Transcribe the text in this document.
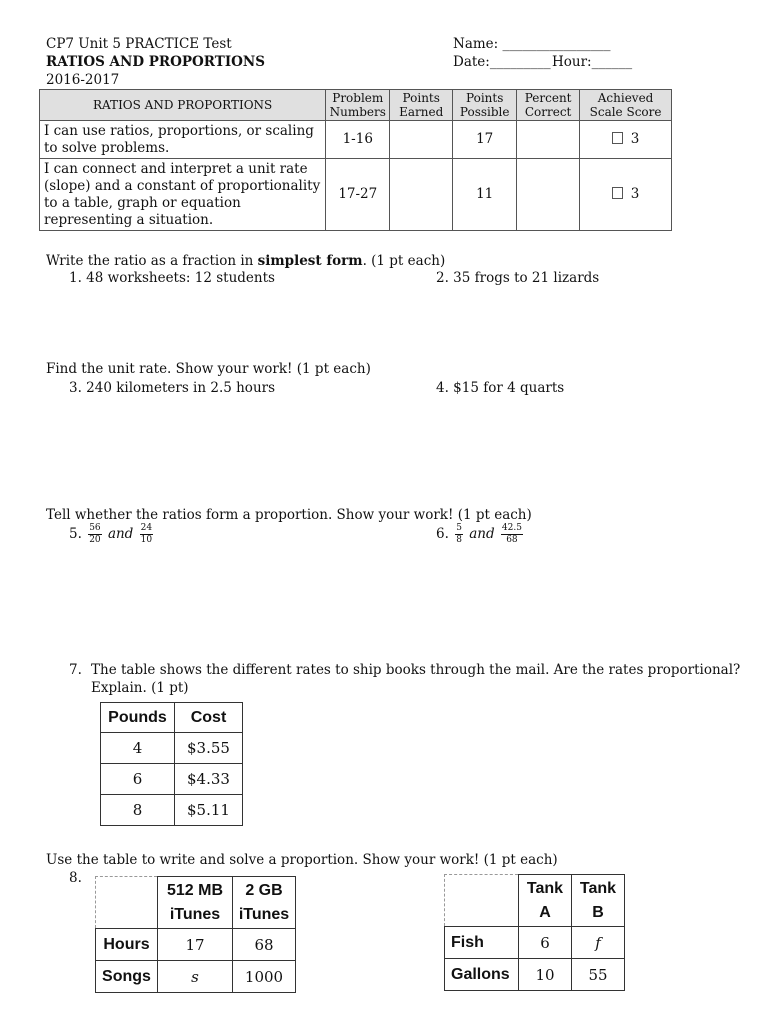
CP7 Unit 5 PRACTICE Test
RATIOS AND PROPORTIONS
2016-2017
Name: ________________
Date:_________ Hour:______
RATIOS AND PROPORTIONS	Problem Numbers	Points Earned	Points Possible	Percent Correct	Achieved Scale Score
I can use ratios, proportions, or scaling to solve problems.	1-16		17		3
I can connect and interpret a unit rate (slope) and a constant of proportionality to a table, graph or equation representing a situation.	17-27		11		3
Write the ratio as a fraction in simplest form. (1 pt each)
1. 48 worksheets: 12 students	2. 35 frogs to 21 lizards
Find the unit rate. Show your work! (1 pt each)
3. 240 kilometers in 2.5 hours	4. $15 for 4 quarts
Tell whether the ratios form a proportion. Show your work! (1 pt each)
5. $\frac{56}{20}$ and $\frac{24}{10}$	6. $\frac{5}{8}$ and $\frac{42.5}{68}$
7. The table shows the different rates to ship books through the mail. Are the rates proportional?
Explain. (1 pt)
Pounds	Cost
4	$3.55
6	$4.33
8	$5.11
Use the table to write and solve a proportion. Show your work! (1 pt each)
8.
	512 MB iTunes	2 GB iTunes
Hours	17	68
Songs	s	1000
	Tank A	Tank B
Fish	6	f
Gallons	10	55
